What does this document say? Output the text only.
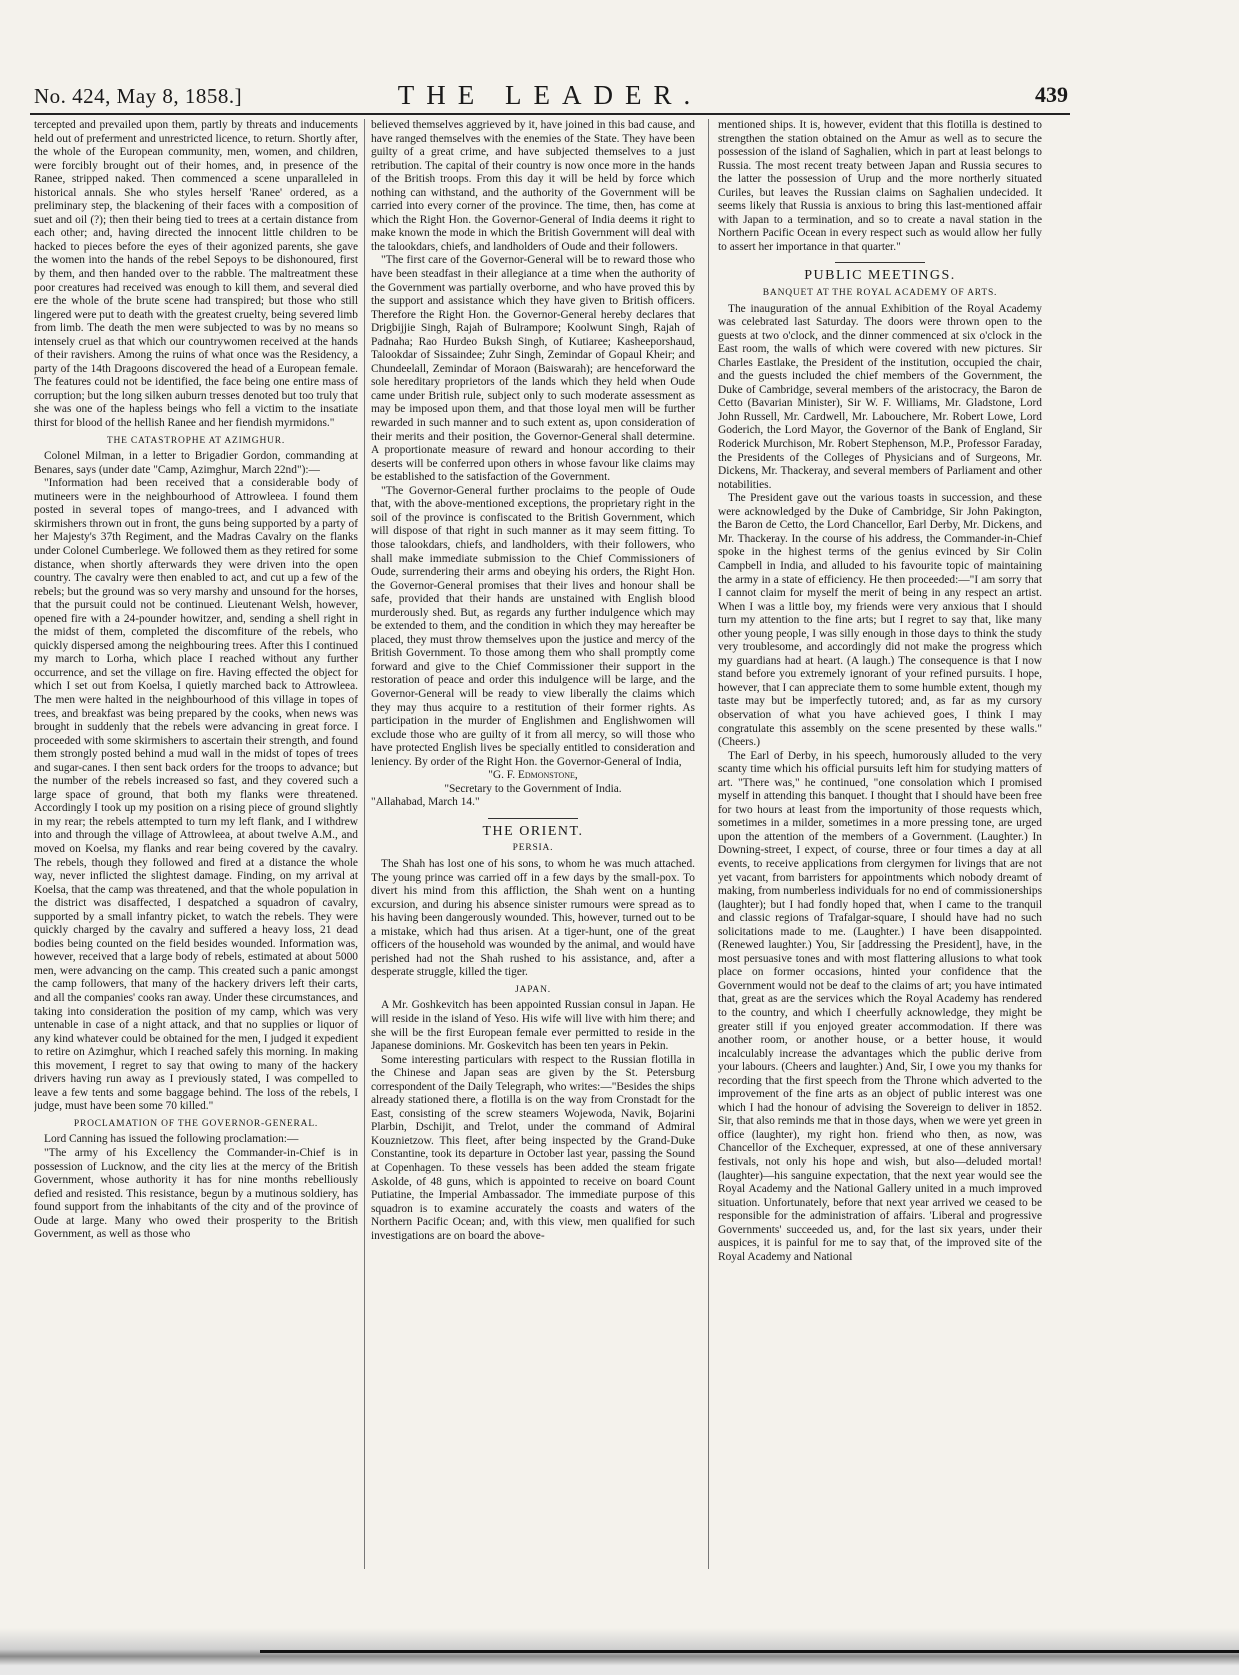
No. 424, May 8, 1858.]	THE LEADER.	439

tercepted and prevailed upon them, partly by threats and inducements held out of preferment and unrestricted licence, to return. Shortly after, the whole of the European community, men, women, and children, were forcibly brought out of their homes, and, in presence of the Ranee, stripped naked. Then commenced a scene unparalleled in historical annals. She who styles herself 'Ranee' ordered, as a preliminary step, the blackening of their faces with a composition of suet and oil (?); then their being tied to trees at a certain distance from each other; and, having directed the innocent little children to be hacked to pieces before the eyes of their agonized parents, she gave the women into the hands of the rebel Sepoys to be dishonoured, first by them, and then handed over to the rabble. The maltreatment these poor creatures had received was enough to kill them, and several died ere the whole of the brute scene had transpired; but those who still lingered were put to death with the greatest cruelty, being severed limb from limb. The death the men were subjected to was by no means so intensely cruel as that which our countrywomen received at the hands of their ravishers. Among the ruins of what once was the Residency, a party of the 14th Dragoons discovered the head of a European female. The features could not be identified, the face being one entire mass of corruption; but the long silken auburn tresses denoted but too truly that she was one of the hapless beings who fell a victim to the insatiate thirst for blood of the hellish Ranee and her fiendish myrmidons."

THE CATASTROPHE AT AZIMGHUR.

Colonel Milman, in a letter to Brigadier Gordon, commanding at Benares, says (under date "Camp, Azimghur, March 22nd"):—

"Information had been received that a considerable body of mutineers were in the neighbourhood of Attrowleea. I found them posted in several topes of mango-trees, and I advanced with skirmishers thrown out in front, the guns being supported by a party of her Majesty's 37th Regiment, and the Madras Cavalry on the flanks under Colonel Cumberlege. We followed them as they retired for some distance, when shortly afterwards they were driven into the open country. The cavalry were then enabled to act, and cut up a few of the rebels; but the ground was so very marshy and unsound for the horses, that the pursuit could not be continued. Lieutenant Welsh, however, opened fire with a 24-pounder howitzer, and, sending a shell right in the midst of them, completed the discomfiture of the rebels, who quickly dispersed among the neighbouring trees. After this I continued my march to Lorha, which place I reached without any further occurrence, and set the village on fire. Having effected the object for which I set out from Koelsa, I quietly marched back to Attrowleea. The men were halted in the neighbourhood of this village in topes of trees, and breakfast was being prepared by the cooks, when news was brought in suddenly that the rebels were advancing in great force. I proceeded with some skirmishers to ascertain their strength, and found them strongly posted behind a mud wall in the midst of topes of trees and sugar-canes. I then sent back orders for the troops to advance; but the number of the rebels increased so fast, and they covered such a large space of ground, that both my flanks were threatened. Accordingly I took up my position on a rising piece of ground slightly in my rear; the rebels attempted to turn my left flank, and I withdrew into and through the village of Attrowleea, at about twelve A.M., and moved on Koelsa, my flanks and rear being covered by the cavalry. The rebels, though they followed and fired at a distance the whole way, never inflicted the slightest damage. Finding, on my arrival at Koelsa, that the camp was threatened, and that the whole population in the district was disaffected, I despatched a squadron of cavalry, supported by a small infantry picket, to watch the rebels. They were quickly charged by the cavalry and suffered a heavy loss, 21 dead bodies being counted on the field besides wounded. Information was, however, received that a large body of rebels, estimated at about 5000 men, were advancing on the camp. This created such a panic amongst the camp followers, that many of the hackery drivers left their carts, and all the companies' cooks ran away. Under these circumstances, and taking into consideration the position of my camp, which was very untenable in case of a night attack, and that no supplies or liquor of any kind whatever could be obtained for the men, I judged it expedient to retire on Azimghur, which I reached safely this morning. In making this movement, I regret to say that owing to many of the hackery drivers having run away as I previously stated, I was compelled to leave a few tents and some baggage behind. The loss of the rebels, I judge, must have been some 70 killed."

PROCLAMATION OF THE GOVERNOR-GENERAL.

Lord Canning has issued the following proclamation:—

"The army of his Excellency the Commander-in-Chief is in possession of Lucknow, and the city lies at the mercy of the British Government, whose authority it has for nine months rebelliously defied and resisted. This resistance, begun by a mutinous soldiery, has found support from the inhabitants of the city and of the province of Oude at large. Many who owed their prosperity to the British Government, as well as those who

believed themselves aggrieved by it, have joined in this bad cause, and have ranged themselves with the enemies of the State. They have been guilty of a great crime, and have subjected themselves to a just retribution. The capital of their country is now once more in the hands of the British troops. From this day it will be held by force which nothing can withstand, and the authority of the Government will be carried into every corner of the province. The time, then, has come at which the Right Hon. the Governor-General of India deems it right to make known the mode in which the British Government will deal with the talookdars, chiefs, and landholders of Oude and their followers.

"The first care of the Governor-General will be to reward those who have been steadfast in their allegiance at a time when the authority of the Government was partially overborne, and who have proved this by the support and assistance which they have given to British officers. Therefore the Right Hon. the Governor-General hereby declares that Drigbijjie Singh, Rajah of Bulrampore; Koolwunt Singh, Rajah of Padnaha; Rao Hurdeo Buksh Singh, of Kutiaree; Kasheeporshaud, Talookdar of Sissaindee; Zuhr Singh, Zemindar of Gopaul Kheir; and Chundeelall, Zemindar of Moraon (Baiswarah); are henceforward the sole hereditary proprietors of the lands which they held when Oude came under British rule, subject only to such moderate assessment as may be imposed upon them, and that those loyal men will be further rewarded in such manner and to such extent as, upon consideration of their merits and their position, the Governor-General shall determine. A proportionate measure of reward and honour according to their deserts will be conferred upon others in whose favour like claims may be established to the satisfaction of the Government.

"The Governor-General further proclaims to the people of Oude that, with the above-mentioned exceptions, the proprietary right in the soil of the province is confiscated to the British Government, which will dispose of that right in such manner as it may seem fitting. To those talookdars, chiefs, and landholders, with their followers, who shall make immediate submission to the Chief Commissioners of Oude, surrendering their arms and obeying his orders, the Right Hon. the Governor-General promises that their lives and honour shall be safe, provided that their hands are unstained with English blood murderously shed. But, as regards any further indulgence which may be extended to them, and the condition in which they may hereafter be placed, they must throw themselves upon the justice and mercy of the British Government. To those among them who shall promptly come forward and give to the Chief Commissioner their support in the restoration of peace and order this indulgence will be large, and the Governor-General will be ready to view liberally the claims which they may thus acquire to a restitution of their former rights. As participation in the murder of Englishmen and Englishwomen will exclude those who are guilty of it from all mercy, so will those who have protected English lives be specially entitled to consideration and leniency. By order of the Right Hon. the Governor-General of India,

"G. F. Edmonstone,

"Secretary to the Government of India.

"Allahabad, March 14."

THE ORIENT.

PERSIA.

The Shah has lost one of his sons, to whom he was much attached. The young prince was carried off in a few days by the small-pox. To divert his mind from this affliction, the Shah went on a hunting excursion, and during his absence sinister rumours were spread as to his having been dangerously wounded. This, however, turned out to be a mistake, which had thus arisen. At a tiger-hunt, one of the great officers of the household was wounded by the animal, and would have perished had not the Shah rushed to his assistance, and, after a desperate struggle, killed the tiger.

JAPAN.

A Mr. Goshkevitch has been appointed Russian consul in Japan. He will reside in the island of Yeso. His wife will live with him there; and she will be the first European female ever permitted to reside in the Japanese dominions. Mr. Goskevitch has been ten years in Pekin.

Some interesting particulars with respect to the Russian flotilla in the Chinese and Japan seas are given by the St. Petersburg correspondent of the Daily Telegraph, who writes:—"Besides the ships already stationed there, a flotilla is on the way from Cronstadt for the East, consisting of the screw steamers Wojewoda, Navik, Bojarini Plarbin, Dschijit, and Trelot, under the command of Admiral Kouznietzow. This fleet, after being inspected by the Grand-Duke Constantine, took its departure in October last year, passing the Sound at Copenhagen. To these vessels has been added the steam frigate Askolde, of 48 guns, which is appointed to receive on board Count Putiatine, the Imperial Ambassador. The immediate purpose of this squadron is to examine accurately the coasts and waters of the Northern Pacific Ocean; and, with this view, men qualified for such investigations are on board the above-

mentioned ships. It is, however, evident that this flotilla is destined to strengthen the station obtained on the Amur as well as to secure the possession of the island of Saghalien, which in part at least belongs to Russia. The most recent treaty between Japan and Russia secures to the latter the possession of Urup and the more northerly situated Curiles, but leaves the Russian claims on Saghalien undecided. It seems likely that Russia is anxious to bring this last-mentioned affair with Japan to a termination, and so to create a naval station in the Northern Pacific Ocean in every respect such as would allow her fully to assert her importance in that quarter."

PUBLIC MEETINGS.

BANQUET AT THE ROYAL ACADEMY OF ARTS.

The inauguration of the annual Exhibition of the Royal Academy was celebrated last Saturday. The doors were thrown open to the guests at two o'clock, and the dinner commenced at six o'clock in the East room, the walls of which were covered with new pictures. Sir Charles Eastlake, the President of the institution, occupied the chair, and the guests included the chief members of the Government, the Duke of Cambridge, several members of the aristocracy, the Baron de Cetto (Bavarian Minister), Sir W. F. Williams, Mr. Gladstone, Lord John Russell, Mr. Cardwell, Mr. Labouchere, Mr. Robert Lowe, Lord Goderich, the Lord Mayor, the Governor of the Bank of England, Sir Roderick Murchison, Mr. Robert Stephenson, M.P., Professor Faraday, the Presidents of the Colleges of Physicians and of Surgeons, Mr. Dickens, Mr. Thackeray, and several members of Parliament and other notabilities.

The President gave out the various toasts in succession, and these were acknowledged by the Duke of Cambridge, Sir John Pakington, the Baron de Cetto, the Lord Chancellor, Earl Derby, Mr. Dickens, and Mr. Thackeray. In the course of his address, the Commander-in-Chief spoke in the highest terms of the genius evinced by Sir Colin Campbell in India, and alluded to his favourite topic of maintaining the army in a state of efficiency. He then proceeded:—"I am sorry that I cannot claim for myself the merit of being in any respect an artist. When I was a little boy, my friends were very anxious that I should turn my attention to the fine arts; but I regret to say that, like many other young people, I was silly enough in those days to think the study very troublesome, and accordingly did not make the progress which my guardians had at heart. (A laugh.) The consequence is that I now stand before you extremely ignorant of your refined pursuits. I hope, however, that I can appreciate them to some humble extent, though my taste may but be imperfectly tutored; and, as far as my cursory observation of what you have achieved goes, I think I may congratulate this assembly on the scene presented by these walls." (Cheers.)

The Earl of Derby, in his speech, humorously alluded to the very scanty time which his official pursuits left him for studying matters of art. "There was," he continued, "one consolation which I promised myself in attending this banquet. I thought that I should have been free for two hours at least from the importunity of those requests which, sometimes in a milder, sometimes in a more pressing tone, are urged upon the attention of the members of a Government. (Laughter.) In Downing-street, I expect, of course, three or four times a day at all events, to receive applications from clergymen for livings that are not yet vacant, from barristers for appointments which nobody dreamt of making, from numberless individuals for no end of commissionerships (laughter); but I had fondly hoped that, when I came to the tranquil and classic regions of Trafalgar-square, I should have had no such solicitations made to me. (Laughter.) I have been disappointed. (Renewed laughter.) You, Sir [addressing the President], have, in the most persuasive tones and with most flattering allusions to what took place on former occasions, hinted your confidence that the Government would not be deaf to the claims of art; you have intimated that, great as are the services which the Royal Academy has rendered to the country, and which I cheerfully acknowledge, they might be greater still if you enjoyed greater accommodation. If there was another room, or another house, or a better house, it would incalculably increase the advantages which the public derive from your labours. (Cheers and laughter.) And, Sir, I owe you my thanks for recording that the first speech from the Throne which adverted to the improvement of the fine arts as an object of public interest was one which I had the honour of advising the Sovereign to deliver in 1852. Sir, that also reminds me that in those days, when we were yet green in office (laughter), my right hon. friend who then, as now, was Chancellor of the Exchequer, expressed, at one of these anniversary festivals, not only his hope and wish, but also—deluded mortal! (laughter)—his sanguine expectation, that the next year would see the Royal Academy and the National Gallery united in a much improved situation. Unfortunately, before that next year arrived we ceased to be responsible for the administration of affairs. 'Liberal and progressive Governments' succeeded us, and, for the last six years, under their auspices, it is painful for me to say that, of the improved site of the Royal Academy and National
